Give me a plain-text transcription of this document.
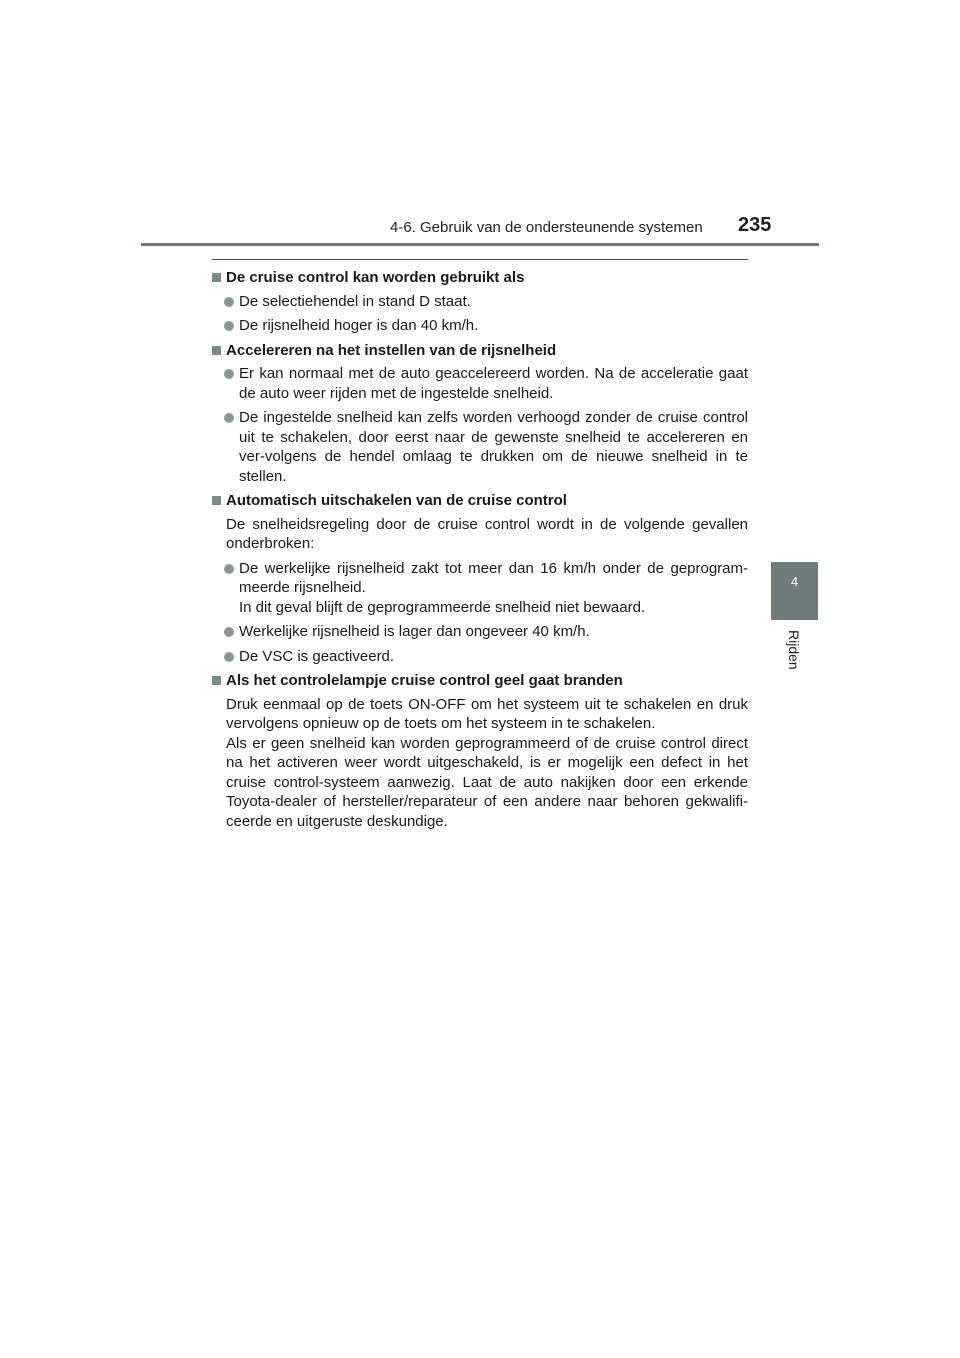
4-6. Gebruik van de ondersteunende systemen 235
4
Rijden
De cruise control kan worden gebruikt als
De selectiehendel in stand D staat.
De rijsnelheid hoger is dan 40 km/h.
Accelereren na het instellen van de rijsnelheid
Er kan normaal met de auto geaccelereerd worden. Na de acceleratie gaat de auto weer rijden met de ingestelde snelheid.
De ingestelde snelheid kan zelfs worden verhoogd zonder de cruise control uit te schakelen, door eerst naar de gewenste snelheid te accelereren en ver-volgens de hendel omlaag te drukken om de nieuwe snelheid in te stellen.
Automatisch uitschakelen van de cruise control
De snelheidsregeling door de cruise control wordt in de volgende gevallen onderbroken:
De werkelijke rijsnelheid zakt tot meer dan 16 km/h onder de geprogram-meerde rijsnelheid.
In dit geval blijft de geprogrammeerde snelheid niet bewaard.
Werkelijke rijsnelheid is lager dan ongeveer 40 km/h.
De VSC is geactiveerd.
Als het controlelampje cruise control geel gaat branden
Druk eenmaal op de toets ON-OFF om het systeem uit te schakelen en druk vervolgens opnieuw op de toets om het systeem in te schakelen.
Als er geen snelheid kan worden geprogrammeerd of de cruise control direct na het activeren weer wordt uitgeschakeld, is er mogelijk een defect in het cruise control-systeem aanwezig. Laat de auto nakijken door een erkende Toyota-dealer of hersteller/reparateur of een andere naar behoren gekwalifi-ceerde en uitgeruste deskundige.
